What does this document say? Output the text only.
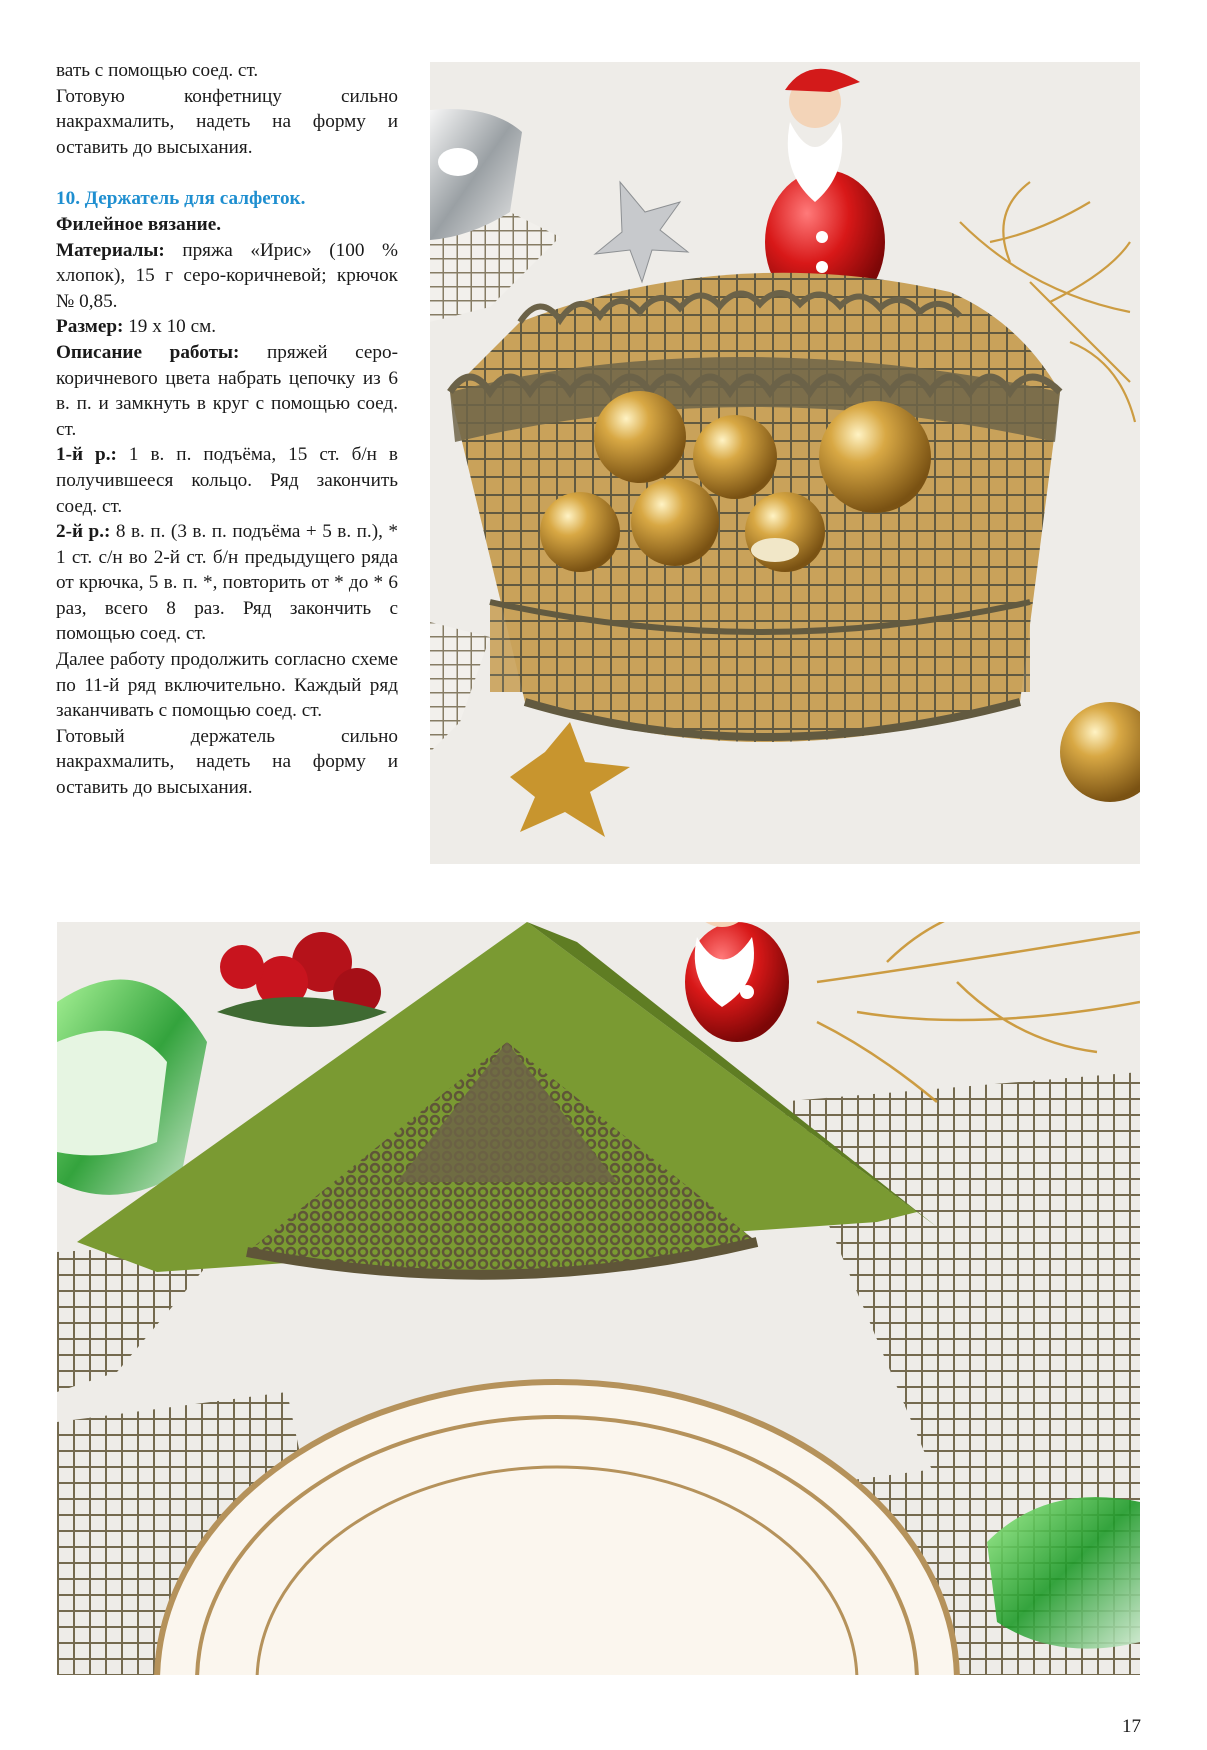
вать с помощью соед. ст.

Готовую конфетницу сильно накрахмалить, надеть на форму и оставить до высыхания.

10. Держатель для салфеток.

Филейное вязание.

Материалы: пряжа «Ирис» (100 % хлопок), 15 г серо-коричневой; крючок № 0,85.

Размер: 19 x 10 см.

Описание работы: пряжей серо-коричневого цвета набрать цепочку из 6 в. п. и замкнуть в круг с помощью соед. ст.

1-й р.: 1 в. п. подъёма, 15 ст. б/н в получившееся кольцо. Ряд закончить соед. ст.

2-й р.: 8 в. п. (3 в. п. подъёма + 5 в. п.), * 1 ст. с/н во 2-й ст. б/н предыдущего ряда от крючка, 5 в. п. *, повторить от * до * 6 раз, всего 8 раз. Ряд закончить с помощью соед. ст.

Далее работу продолжить согласно схеме по 11-й ряд включительно. Каждый ряд заканчивать с помощью соед. ст.

Готовый держатель сильно накрахмалить, надеть на форму и оставить до высыхания.

17
